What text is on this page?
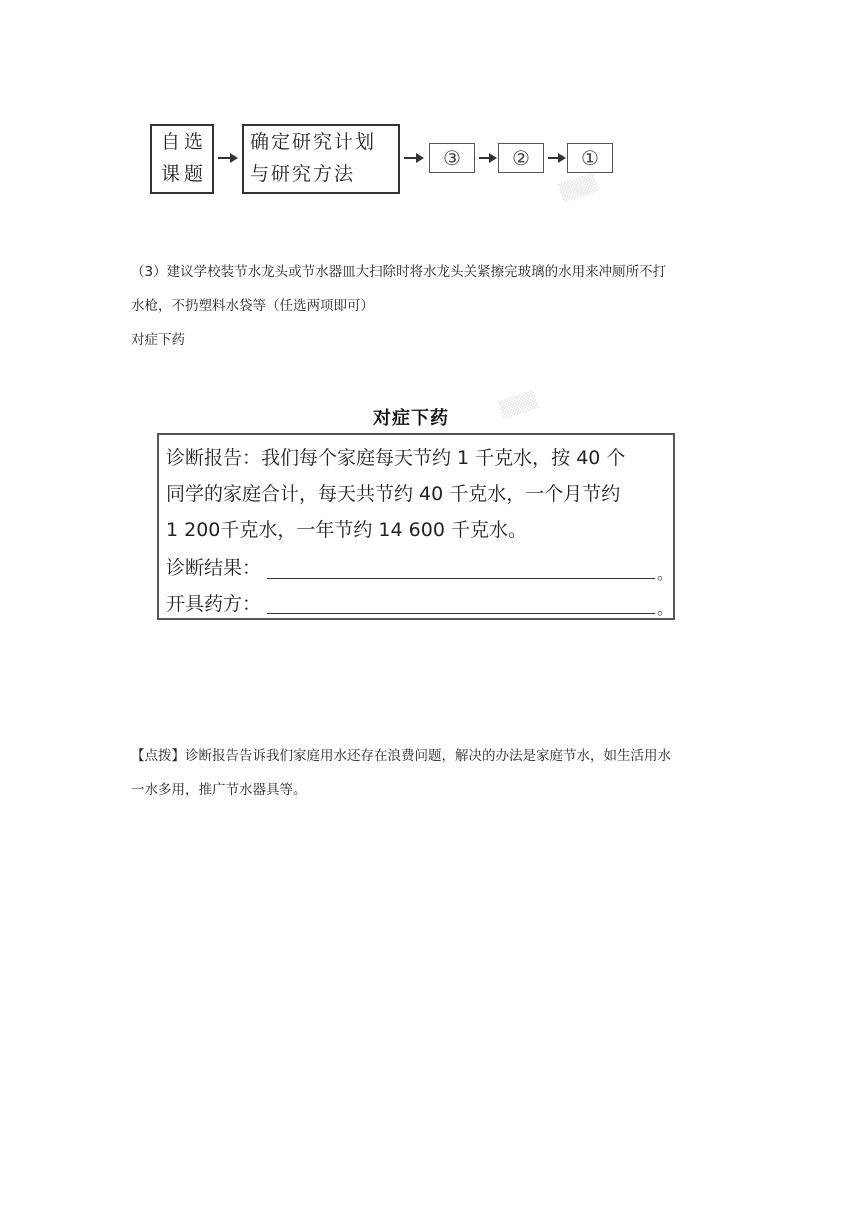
自选
课题
确定研究计划
与研究方法
③	②	①
▒▒▒
（3）建议学校装节水龙头或节水器皿大扫除时将水龙头关紧擦完玻璃的水用来冲厕所不打
水枪，不扔塑料水袋等（任选两项即可）
对症下药
对症下药	▒▒▒
诊断报告：我们每个家庭每天节约 1 千克水，按 40 个
同学的家庭合计，每天共节约 40 千克水，一个月节约
1 200千克水，一年节约 14 600 千克水。
诊断结果：	。
开具药方：	。
【点拨】诊断报告告诉我们家庭用水还存在浪费问题，解决的办法是家庭节水，如生活用水
一水多用，推广节水器具等。
